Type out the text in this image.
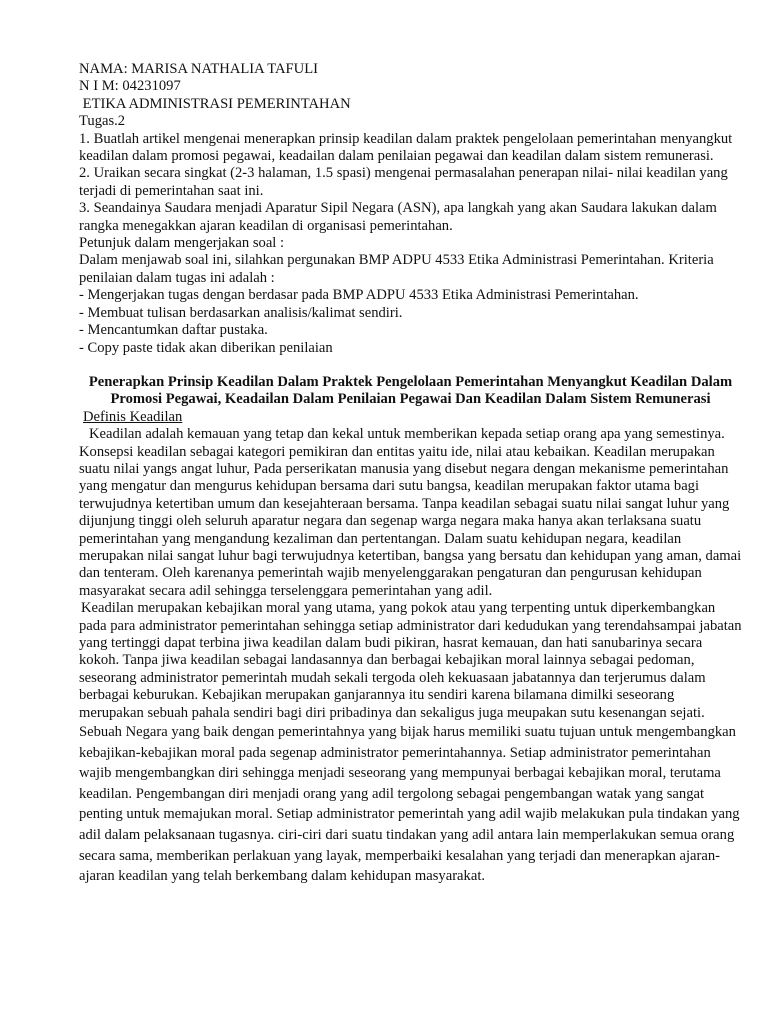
NAMA: MARISA NATHALIA TAFULI

N I M: 04231097

ETIKA ADMINISTRASI PEMERINTAHAN

Tugas.2

1. Buatlah artikel mengenai menerapkan prinsip keadilan dalam praktek pengelolaan pemerintahan menyangkut keadilan dalam promosi pegawai, keadailan dalam penilaian pegawai dan keadilan dalam sistem remunerasi.

2. Uraikan secara singkat (2-3 halaman, 1.5 spasi) mengenai permasalahan penerapan nilai- nilai keadilan yang terjadi di pemerintahan saat ini.

3. Seandainya Saudara menjadi Aparatur Sipil Negara (ASN), apa langkah yang akan Saudara lakukan dalam rangka menegakkan ajaran keadilan di organisasi pemerintahan.

Petunjuk dalam mengerjakan soal :

Dalam menjawab soal ini, silahkan pergunakan BMP ADPU 4533 Etika Administrasi Pemerintahan. Kriteria penilaian dalam tugas ini adalah :

- Mengerjakan tugas dengan berdasar pada BMP ADPU 4533 Etika Administrasi Pemerintahan.

- Membuat tulisan berdasarkan analisis/kalimat sendiri.

- Mencantumkan daftar pustaka.

- Copy paste tidak akan diberikan penilaian

Penerapkan Prinsip Keadilan Dalam Praktek Pengelolaan Pemerintahan Menyangkut Keadilan Dalam Promosi Pegawai, Keadailan Dalam Penilaian Pegawai Dan Keadilan Dalam Sistem Remunerasi

Definis Keadilan

Keadilan adalah kemauan yang tetap dan kekal untuk memberikan kepada setiap orang apa yang semestinya. Konsepsi keadilan sebagai kategori pemikiran dan entitas yaitu ide, nilai atau kebaikan. Keadilan merupakan suatu nilai yangs angat luhur, Pada perserikatan manusia yang disebut negara dengan mekanisme pemerintahan yang mengatur dan mengurus kehidupan bersama dari sutu bangsa, keadilan merupakan faktor utama bagi terwujudnya ketertiban umum dan kesejahteraan bersama. Tanpa keadilan sebagai suatu nilai sangat luhur yang dijunjung tinggi oleh seluruh aparatur negara dan segenap warga negara maka hanya akan terlaksana suatu pemerintahan yang mengandung kezaliman dan pertentangan. Dalam suatu kehidupan negara, keadilan merupakan nilai sangat luhur bagi terwujudnya ketertiban, bangsa yang bersatu dan kehidupan yang aman, damai dan tenteram. Oleh karenanya pemerintah wajib menyelenggarakan pengaturan dan pengurusan kehidupan masyarakat secara adil sehingga terselenggara pemerintahan yang adil.

Keadilan merupakan kebajikan moral yang utama, yang pokok atau yang terpenting untuk diperkembangkan pada para administrator pemerintahan sehingga setiap administrator dari kedudukan yang terendahsampai jabatan yang tertinggi dapat terbina jiwa keadilan dalam budi pikiran, hasrat kemauan, dan hati sanubarinya secara kokoh. Tanpa jiwa keadilan sebagai landasannya dan berbagai kebajikan moral lainnya sebagai pedoman, seseorang administrator pemerintah mudah sekali tergoda oleh kekuasaan jabatannya dan terjerumus dalam berbagai keburukan. Kebajikan merupakan ganjarannya itu sendiri karena bilamana dimilki seseorang merupakan sebuah pahala sendiri bagi diri pribadinya dan sekaligus juga meupakan sutu kesenangan sejati.

Sebuah Negara yang baik dengan pemerintahnya yang bijak harus memiliki suatu tujuan untuk mengembangkan kebajikan-kebajikan moral pada segenap administrator pemerintahannya. Setiap administrator pemerintahan wajib mengembangkan diri sehingga menjadi seseorang yang mempunyai berbagai kebajikan moral, terutama keadilan. Pengembangan diri menjadi orang yang adil tergolong sebagai pengembangan watak yang sangat penting untuk memajukan moral. Setiap administrator pemerintah yang adil wajib melakukan pula tindakan yang adil dalam pelaksanaan tugasnya. ciri-ciri dari suatu tindakan yang adil antara lain memperlakukan semua orang secara sama, memberikan perlakuan yang layak, memperbaiki kesalahan yang terjadi dan menerapkan ajaran-ajaran keadilan yang telah berkembang dalam kehidupan masyarakat.
